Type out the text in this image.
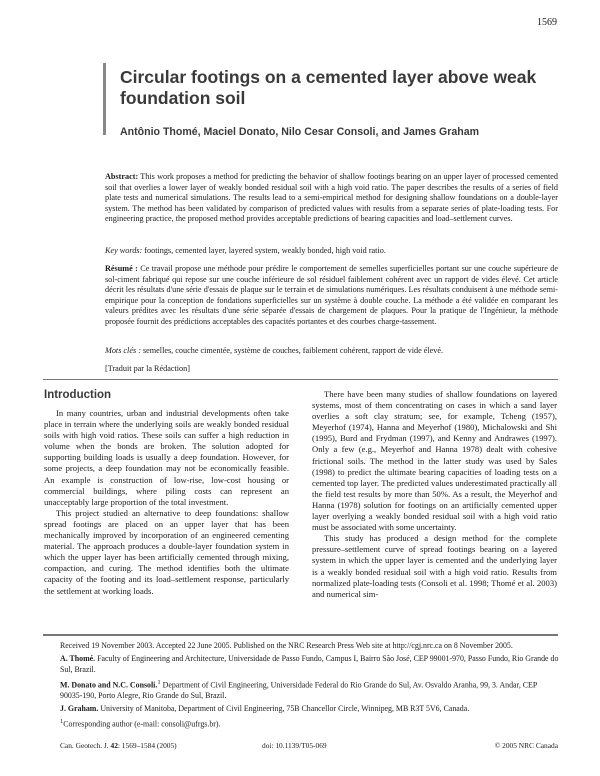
1569
Circular footings on a cemented layer above weak foundation soil
Antônio Thomé, Maciel Donato, Nilo Cesar Consoli, and James Graham
Abstract: This work proposes a method for predicting the behavior of shallow footings bearing on an upper layer of processed cemented soil that overlies a lower layer of weakly bonded residual soil with a high void ratio. The paper describes the results of a series of field plate tests and numerical simulations. The results lead to a semi-empirical method for designing shallow foundations on a double-layer system. The method has been validated by comparison of predicted values with results from a separate series of plate-loading tests. For engineering practice, the proposed method provides acceptable predictions of bearing capacities and load–settlement curves.
Key words: footings, cemented layer, layered system, weakly bonded, high void ratio.
Résumé : Ce travail propose une méthode pour prédire le comportement de semelles superficielles portant sur une couche supérieure de sol-ciment fabriqué qui repose sur une couche inférieure de sol résiduel faiblement cohérent avec un rapport de vides élevé. Cet article décrit les résultats d'une série d'essais de plaque sur le terrain et de simulations numériques. Les résultats conduisent à une méthode semi-empirique pour la conception de fondations superficielles sur un système à double couche. La méthode a été validée en comparant les valeurs prédites avec les résultats d'une série séparée d'essais de chargement de plaques. Pour la pratique de l'Ingénieur, la méthode proposée fournit des prédictions acceptables des capacités portantes et des courbes charge-tassement.
Mots clés : semelles, couche cimentée, système de couches, faiblement cohérent, rapport de vide élevé.
[Traduit par la Rédaction]
Introduction

In many countries, urban and industrial developments often take place in terrain where the underlying soils are weakly bonded residual soils with high void ratios. These soils can suffer a high reduction in volume when the bonds are broken. The solution adopted for supporting building loads is usually a deep foundation. However, for some projects, a deep foundation may not be economically feasible. An example is construction of low-rise, low-cost housing or commercial buildings, where piling costs can represent an unacceptably large proportion of the total investment.

This project studied an alternative to deep foundations: shallow spread footings are placed on an upper layer that has been mechanically improved by incorporation of an engineered cementing material. The approach produces a double-layer foundation system in which the upper layer has been artificially cemented through mixing, compaction, and curing. The method identifies both the ultimate capacity of the footing and its load–settlement response, particularly the settlement at working loads.

There have been many studies of shallow foundations on layered systems, most of them concentrating on cases in which a sand layer overlies a soft clay stratum; see, for example, Tcheng (1957), Meyerhof (1974), Hanna and Meyerhof (1980), Michalowski and Shi (1995), Burd and Frydman (1997), and Kenny and Andrawes (1997). Only a few (e.g., Meyerhof and Hanna 1978) dealt with cohesive frictional soils. The method in the latter study was used by Sales (1998) to predict the ultimate bearing capacities of loading tests on a cemented top layer. The predicted values underestimated practically all the field test results by more than 50%. As a result, the Meyerhof and Hanna (1978) solution for footings on an artificially cemented upper layer overlying a weakly bonded residual soil with a high void ratio must be associated with some uncertainty.

This study has produced a design method for the complete pressure–settlement curve of spread footings bearing on a layered system in which the upper layer is cemented and the underlying layer is a weakly bonded residual soil with a high void ratio. Results from normalized plate-loading tests (Consoli et al. 1998; Thomé et al. 2003) and numerical sim-

Received 19 November 2003. Accepted 22 June 2005. Published on the NRC Research Press Web site at http://cgj.nrc.ca on 8 November 2005.

A. Thomé. Faculty of Engineering and Architecture, Universidade de Passo Fundo, Campus I, Bairro São José, CEP 99001-970, Passo Fundo, Rio Grande do Sul, Brazil.

M. Donato and N.C. Consoli.$^1$ Department of Civil Engineering, Universidade Federal do Rio Grande do Sul, Av. Osvaldo Aranha, 99, 3. Andar, CEP 90035-190, Porto Alegre, Rio Grande do Sul, Brazil.

J. Graham. University of Manitoba, Department of Civil Engineering, 75B Chancellor Circle, Winnipeg, MB R3T 5V6, Canada.

$^1$Corresponding author (e-mail: consoli@ufrgs.br).

Can. Geotech. J. 42: 1569–1584 (2005)	doi: 10.1139/T05-069	© 2005 NRC Canada
